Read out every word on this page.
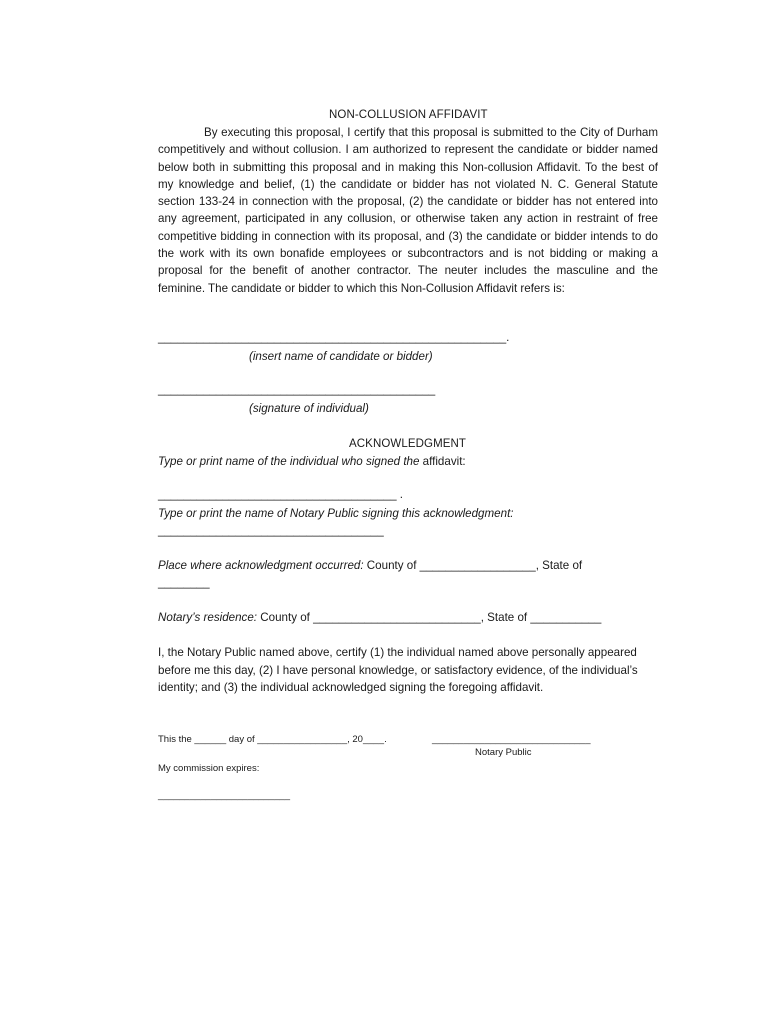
NON-COLLUSION AFFIDAVIT
By executing this proposal, I certify that this proposal is submitted to the City of Durham competitively and without collusion. I am authorized to represent the candidate or bidder named below both in submitting this proposal and in making this Non-collusion Affidavit. To the best of my knowledge and belief, (1) the candidate or bidder has not violated N. C. General Statute section 133-24 in connection with the proposal, (2) the candidate or bidder has not entered into any agreement, participated in any collusion, or otherwise taken any action in restraint of free competitive bidding in connection with its proposal, and (3) the candidate or bidder intends to do the work with its own bonafide employees or subcontractors and is not bidding or making a proposal for the benefit of another contractor. The neuter includes the masculine and the feminine. The candidate or bidder to which this Non-Collusion Affidavit refers is:
______________________________________________________.
(insert name of candidate or bidder)
___________________________________________
(signature of individual)
ACKNOWLEDGMENT
Type or print name of the individual who signed the affidavit:
_____________________________________ .
Type or print the name of Notary Public signing this acknowledgment:
___________________________________
Place where acknowledgment occurred: County of __________________, State of
________
Notary’s residence: County of __________________________, State of ___________
I, the Notary Public named above, certify (1) the individual named above personally appeared before me this day, (2) I have personal knowledge, or satisfactory evidence, of the individual’s identity; and (3) the individual acknowledged signing the foregoing affidavit.
This the ______ day of _________________, 20____.	______________________________
Notary Public
My commission expires:
_________________________
